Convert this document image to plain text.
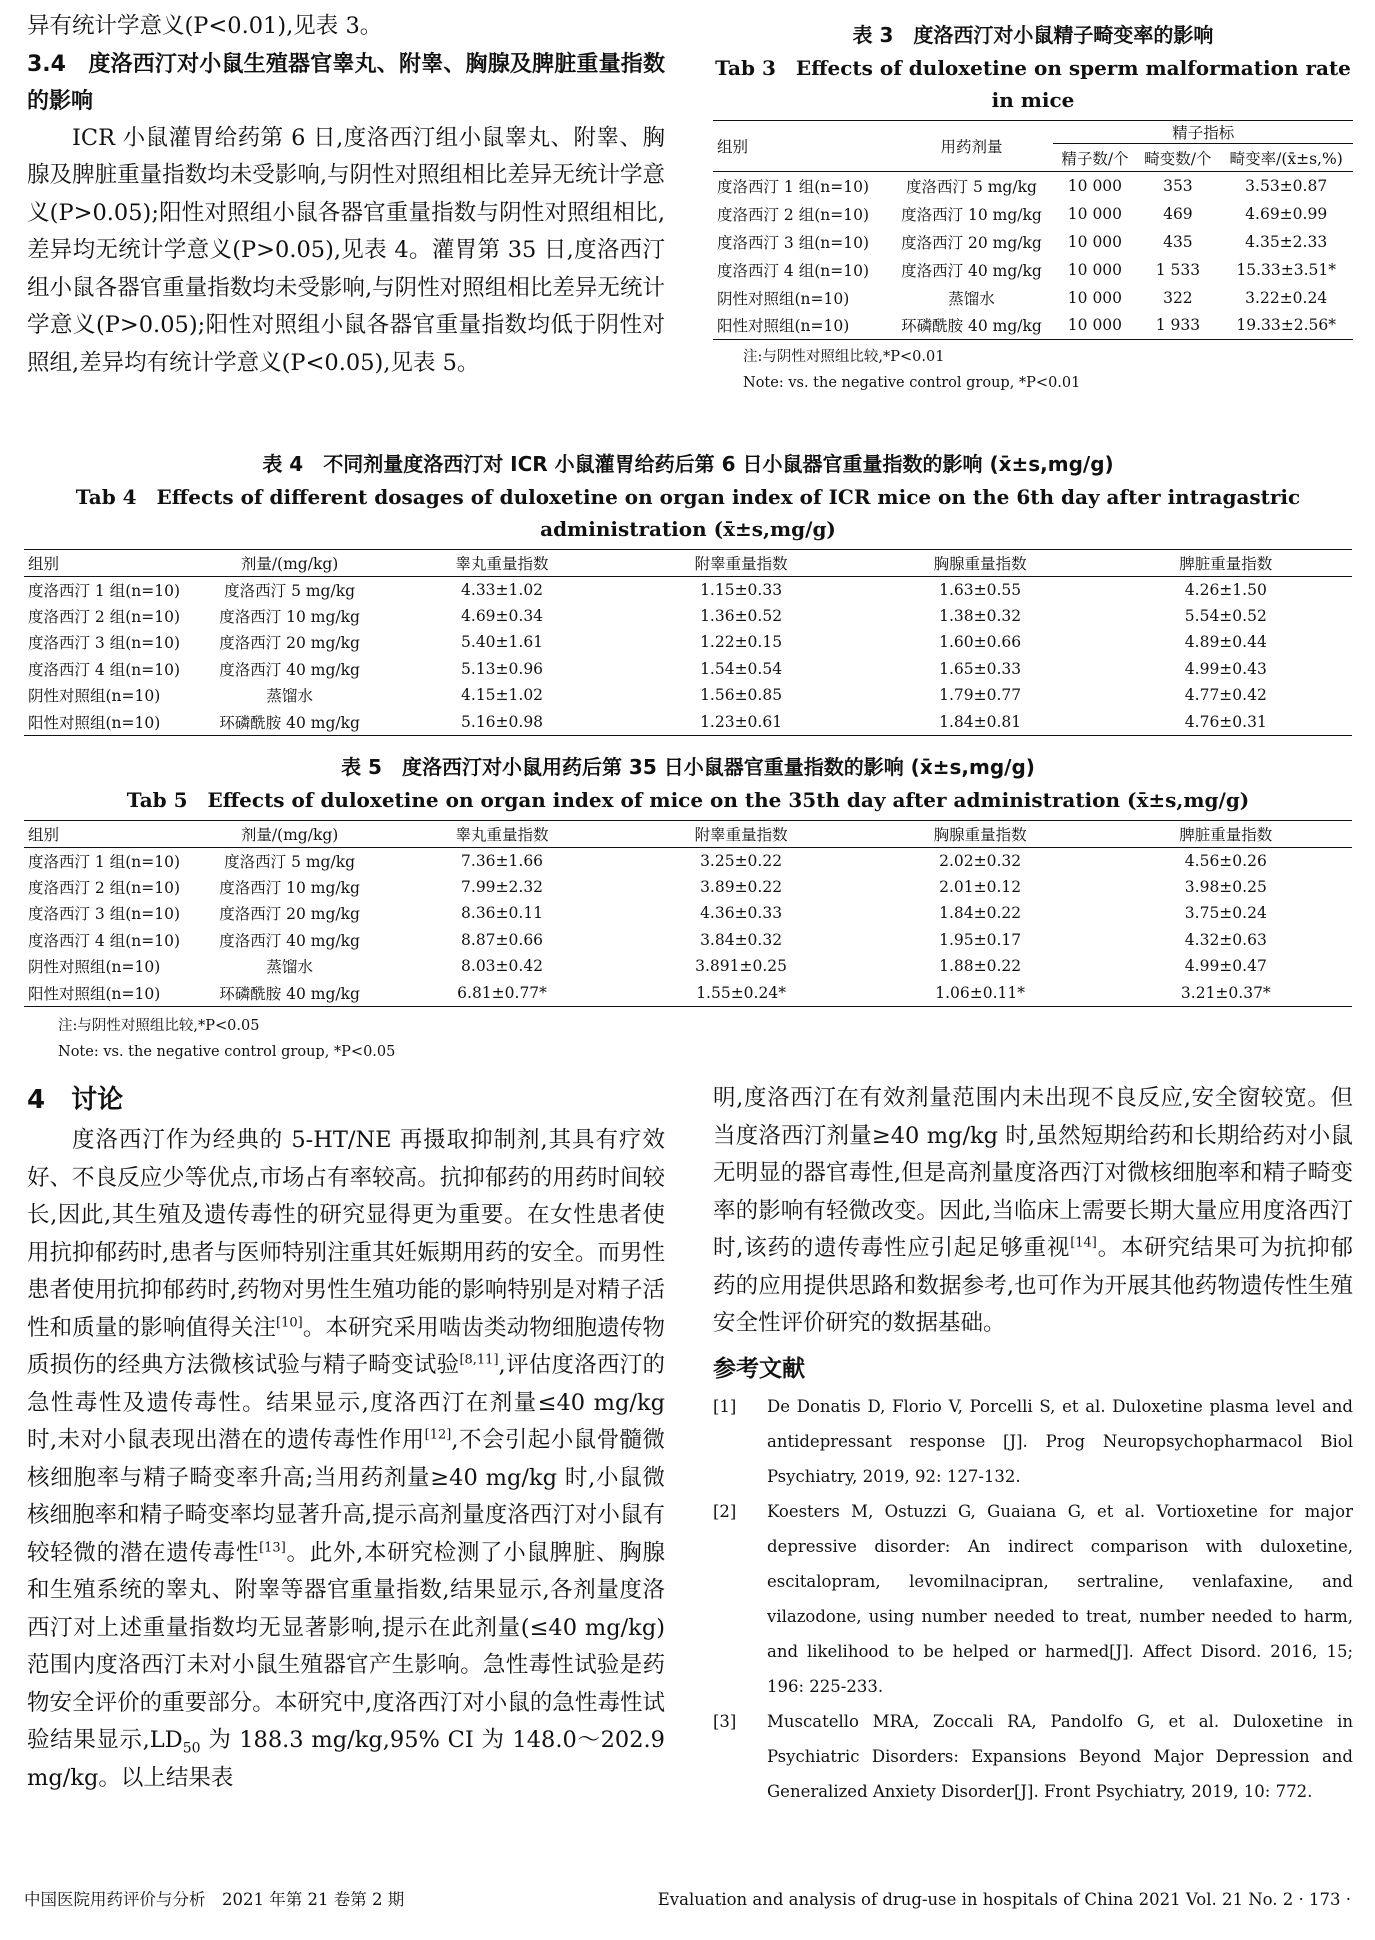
异有统计学意义(P<0.01),见表 3。

3.4　度洛西汀对小鼠生殖器官睾丸、附睾、胸腺及脾脏重量指数的影响

ICR 小鼠灌胃给药第 6 日,度洛西汀组小鼠睾丸、附睾、胸腺及脾脏重量指数均未受影响,与阴性对照组相比差异无统计学意义(P>0.05);阳性对照组小鼠各器官重量指数与阴性对照组相比,差异均无统计学意义(P>0.05),见表 4。灌胃第 35 日,度洛西汀组小鼠各器官重量指数均未受影响,与阴性对照组相比差异无统计学意义(P>0.05);阳性对照组小鼠各器官重量指数均低于阴性对照组,差异均有统计学意义(P<0.05),见表 5。

表 3　度洛西汀对小鼠精子畸变率的影响
Tab 3　Effects of duloxetine on sperm malformation rate
in mice
组别	用药剂量	精子指标		
		精子数/个	畸变数/个	畸变率/(x̄±s,%)
度洛西汀 1 组(n=10)	度洛西汀 5 mg/kg	10 000	353	3.53±0.87
度洛西汀 2 组(n=10)	度洛西汀 10 mg/kg	10 000	469	4.69±0.99
度洛西汀 3 组(n=10)	度洛西汀 20 mg/kg	10 000	435	4.35±2.33
度洛西汀 4 组(n=10)	度洛西汀 40 mg/kg	10 000	1 533	15.33±3.51*
阴性对照组(n=10)	蒸馏水	10 000	322	3.22±0.24
阳性对照组(n=10)	环磷酰胺 40 mg/kg	10 000	1 933	19.33±2.56*
注:与阴性对照组比较,*P<0.01
Note: vs. the negative control group, *P<0.01
表 4　不同剂量度洛西汀对 ICR 小鼠灌胃给药后第 6 日小鼠器官重量指数的影响 (x̄±s,mg/g)
Tab 4　Effects of different dosages of duloxetine on organ index of ICR mice on the 6th day after intragastric
administration (x̄±s,mg/g)
组别	剂量/(mg/kg)	睾丸重量指数	附睾重量指数	胸腺重量指数	脾脏重量指数
度洛西汀 1 组(n=10)	度洛西汀 5 mg/kg	4.33±1.02	1.15±0.33	1.63±0.55	4.26±1.50
度洛西汀 2 组(n=10)	度洛西汀 10 mg/kg	4.69±0.34	1.36±0.52	1.38±0.32	5.54±0.52
度洛西汀 3 组(n=10)	度洛西汀 20 mg/kg	5.40±1.61	1.22±0.15	1.60±0.66	4.89±0.44
度洛西汀 4 组(n=10)	度洛西汀 40 mg/kg	5.13±0.96	1.54±0.54	1.65±0.33	4.99±0.43
阴性对照组(n=10)	蒸馏水	4.15±1.02	1.56±0.85	1.79±0.77	4.77±0.42
阳性对照组(n=10)	环磷酰胺 40 mg/kg	5.16±0.98	1.23±0.61	1.84±0.81	4.76±0.31
表 5　度洛西汀对小鼠用药后第 35 日小鼠器官重量指数的影响 (x̄±s,mg/g)
Tab 5　Effects of duloxetine on organ index of mice on the 35th day after administration (x̄±s,mg/g)
组别	剂量/(mg/kg)	睾丸重量指数	附睾重量指数	胸腺重量指数	脾脏重量指数
度洛西汀 1 组(n=10)	度洛西汀 5 mg/kg	7.36±1.66	3.25±0.22	2.02±0.32	4.56±0.26
度洛西汀 2 组(n=10)	度洛西汀 10 mg/kg	7.99±2.32	3.89±0.22	2.01±0.12	3.98±0.25
度洛西汀 3 组(n=10)	度洛西汀 20 mg/kg	8.36±0.11	4.36±0.33	1.84±0.22	3.75±0.24
度洛西汀 4 组(n=10)	度洛西汀 40 mg/kg	8.87±0.66	3.84±0.32	1.95±0.17	4.32±0.63
阴性对照组(n=10)	蒸馏水	8.03±0.42	3.891±0.25	1.88±0.22	4.99±0.47
阳性对照组(n=10)	环磷酰胺 40 mg/kg	6.81±0.77*	1.55±0.24*	1.06±0.11*	3.21±0.37*
注:与阴性对照组比较,*P<0.05
Note: vs. the negative control group, *P<0.05

4　讨论

度洛西汀作为经典的 5-HT/NE 再摄取抑制剂,其具有疗效好、不良反应少等优点,市场占有率较高。抗抑郁药的用药时间较长,因此,其生殖及遗传毒性的研究显得更为重要。在女性患者使用抗抑郁药时,患者与医师特别注重其妊娠期用药的安全。而男性患者使用抗抑郁药时,药物对男性生殖功能的影响特别是对精子活性和质量的影响值得关注[10]。本研究采用啮齿类动物细胞遗传物质损伤的经典方法微核试验与精子畸变试验[8,11],评估度洛西汀的急性毒性及遗传毒性。结果显示,度洛西汀在剂量≤40 mg/kg 时,未对小鼠表现出潜在的遗传毒性作用[12],不会引起小鼠骨髓微核细胞率与精子畸变率升高;当用药剂量≥40 mg/kg 时,小鼠微核细胞率和精子畸变率均显著升高,提示高剂量度洛西汀对小鼠有较轻微的潜在遗传毒性[13]。此外,本研究检测了小鼠脾脏、胸腺和生殖系统的睾丸、附睾等器官重量指数,结果显示,各剂量度洛西汀对上述重量指数均无显著影响,提示在此剂量(≤40 mg/kg)范围内度洛西汀未对小鼠生殖器官产生影响。急性毒性试验是药物安全评价的重要部分。本研究中,度洛西汀对小鼠的急性毒性试验结果显示$,LD_{50}$ 为 188.3 mg/kg,95% CI 为 148.0～202.9 mg/kg。以上结果表

明,度洛西汀在有效剂量范围内未出现不良反应,安全窗较宽。但当度洛西汀剂量≥40 mg/kg 时,虽然短期给药和长期给药对小鼠无明显的器官毒性,但是高剂量度洛西汀对微核细胞率和精子畸变率的影响有轻微改变。因此,当临床上需要长期大量应用度洛西汀时,该药的遗传毒性应引起足够重视[14]。本研究结果可为抗抑郁药的应用提供思路和数据参考,也可作为开展其他药物遗传性生殖安全性评价研究的数据基础。

参考文献

[1]	De Donatis D, Florio V, Porcelli S, et al. Duloxetine plasma level and antidepressant response [J]. Prog Neuropsychopharmacol Biol Psychiatry, 2019, 92: 127-132.
[2]	Koesters M, Ostuzzi G, Guaiana G, et al. Vortioxetine for major depressive disorder: An indirect comparison with duloxetine, escitalopram, levomilnacipran, sertraline, venlafaxine, and vilazodone, using number needed to treat, number needed to harm, and likelihood to be helped or harmed[J]. Affect Disord. 2016, 15; 196: 225-233.
[3]	Muscatello MRA, Zoccali RA, Pandolfo G, et al. Duloxetine in Psychiatric Disorders: Expansions Beyond Major Depression and Generalized Anxiety Disorder[J]. Front Psychiatry, 2019, 10: 772.
中国医院用药评价与分析　2021 年第 21 卷第 2 期	Evaluation and analysis of drug-use in hospitals of China 2021 Vol. 21 No. 2 · 173 ·
